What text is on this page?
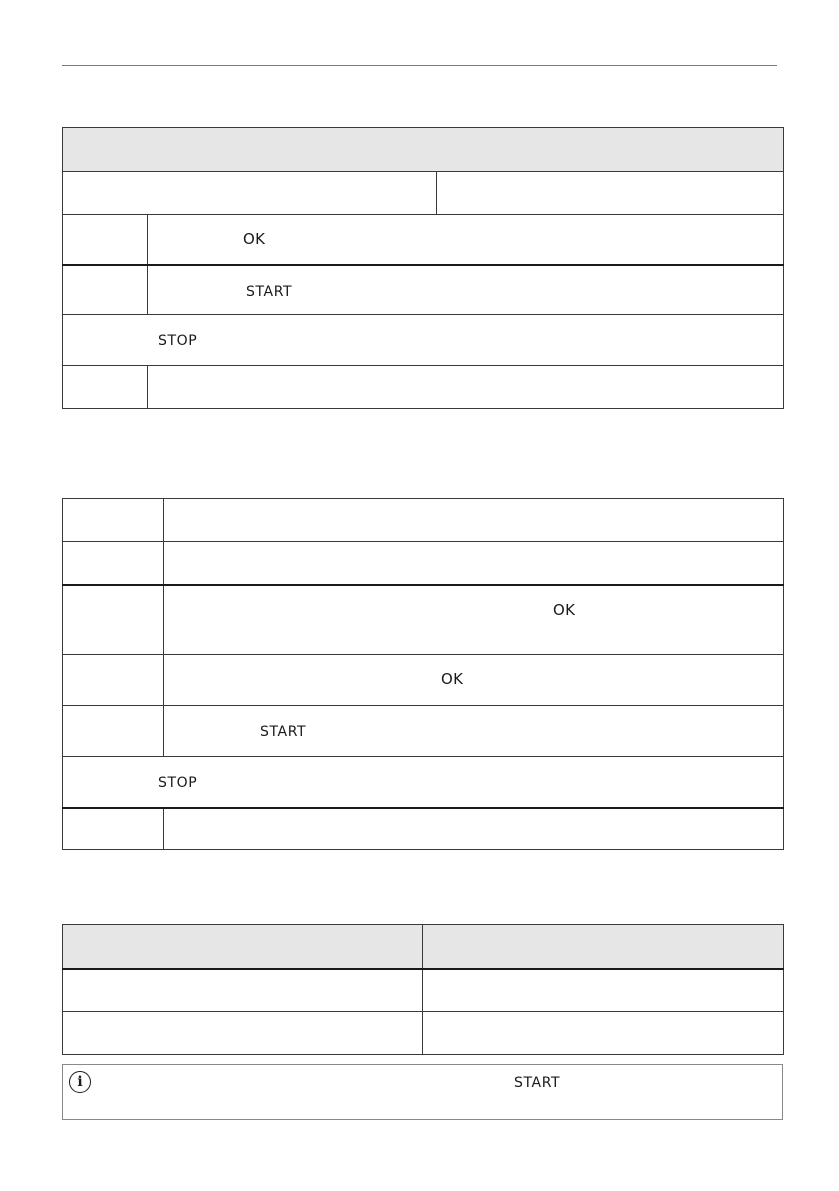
	OK	
	START	
STOP		

	OK
	OK
	START
STOP	

i	START
